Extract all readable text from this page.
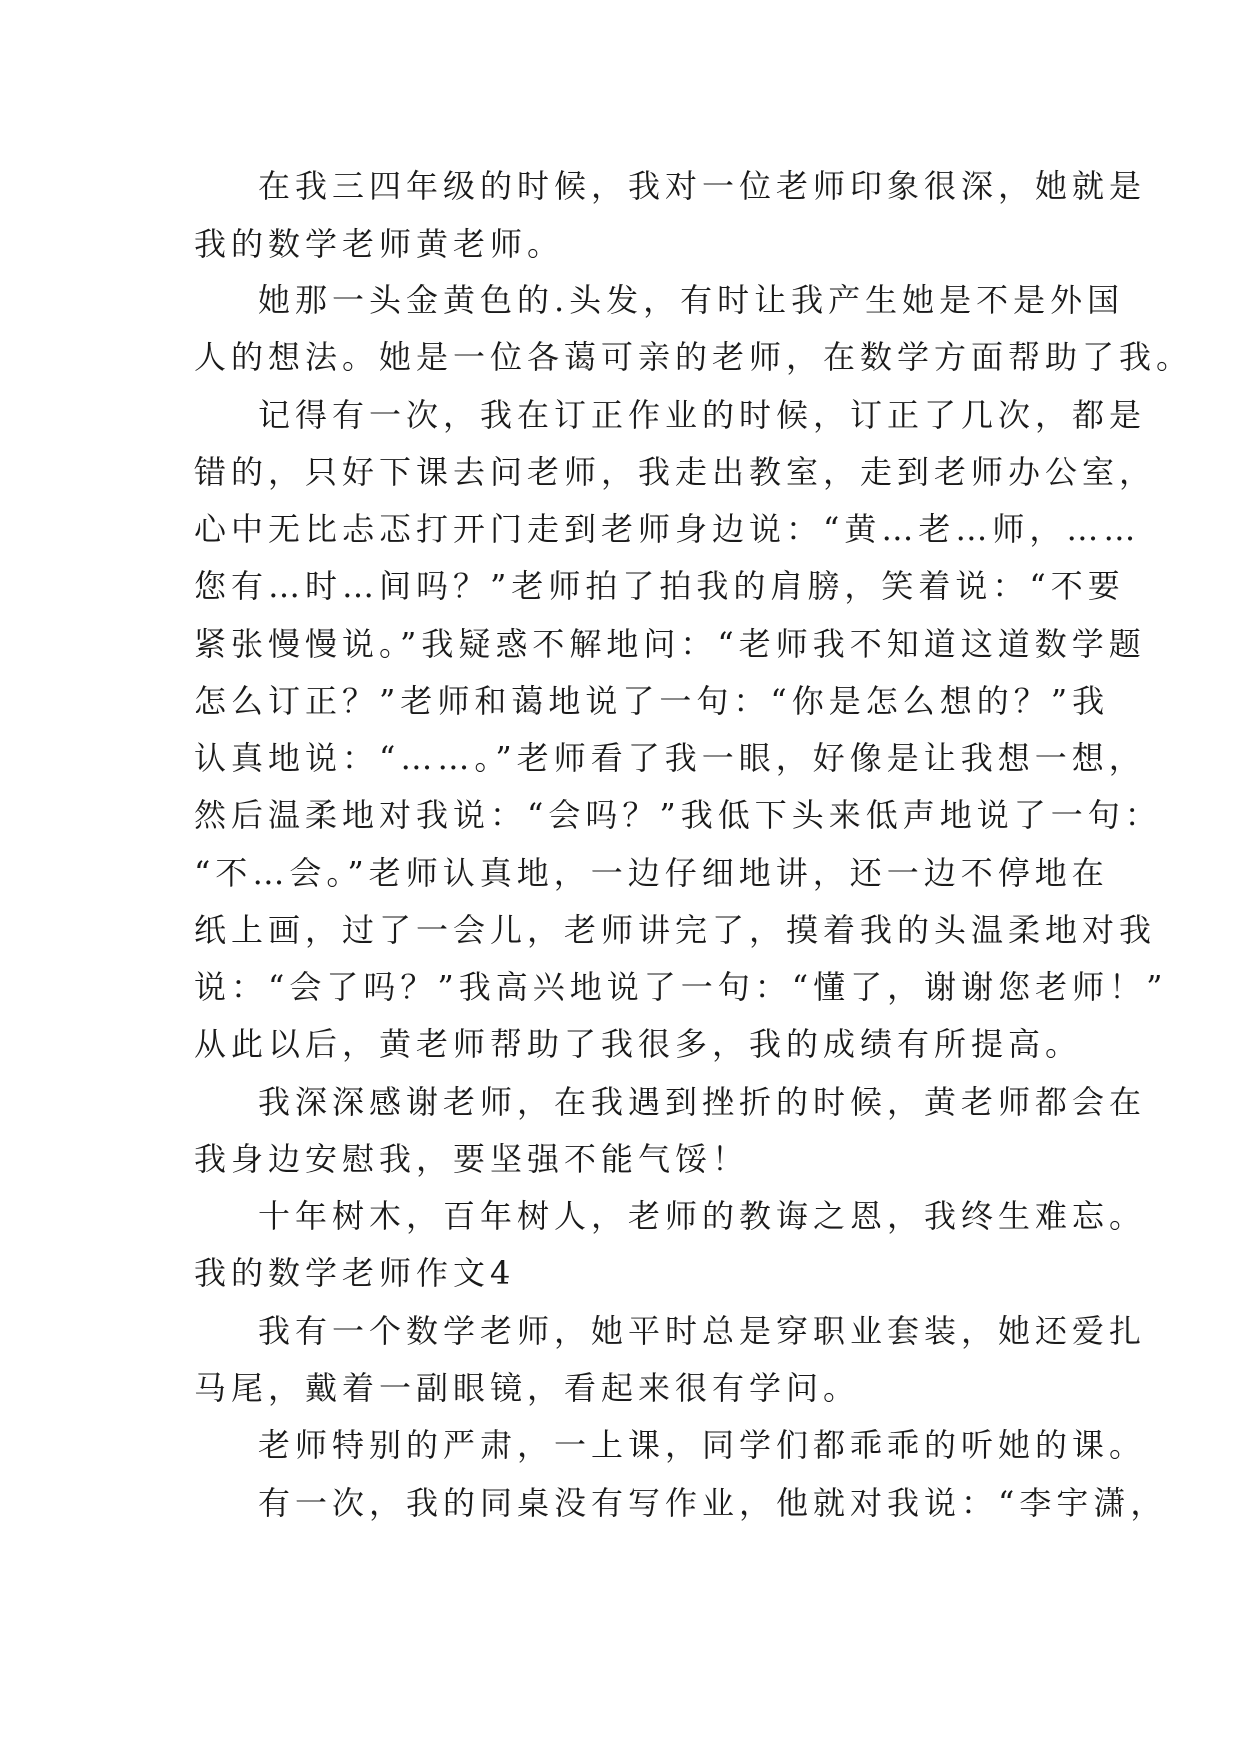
在我三四年级的时候，我对一位老师印象很深，她就是
我的数学老师黄老师。
她那一头金黄色的.头发，有时让我产生她是不是外国
人的想法。她是一位各蔼可亲的老师，在数学方面帮助了我。
记得有一次，我在订正作业的时候，订正了几次，都是
错的，只好下课去问老师，我走出教室，走到老师办公室，
心中无比忐忑打开门走到老师身边说：“黄…老…师，……
您有…时…间吗？”老师拍了拍我的肩膀，笑着说：“不要
紧张慢慢说。”我疑惑不解地问：“老师我不知道这道数学题
怎么订正？”老师和蔼地说了一句：“你是怎么想的？”我
认真地说：“……。”老师看了我一眼，好像是让我想一想，
然后温柔地对我说：“会吗？”我低下头来低声地说了一句：
“不…会。”老师认真地，一边仔细地讲，还一边不停地在
纸上画，过了一会儿，老师讲完了，摸着我的头温柔地对我
说：“会了吗？”我高兴地说了一句：“懂了，谢谢您老师！”
从此以后，黄老师帮助了我很多，我的成绩有所提高。
我深深感谢老师，在我遇到挫折的时候，黄老师都会在
我身边安慰我，要坚强不能气馁！
十年树木，百年树人，老师的教诲之恩，我终生难忘。
我的数学老师作文4
我有一个数学老师，她平时总是穿职业套装，她还爱扎
马尾，戴着一副眼镜，看起来很有学问。
老师特别的严肃，一上课，同学们都乖乖的听她的课。
有一次，我的同桌没有写作业，他就对我说：“李宇潇，
